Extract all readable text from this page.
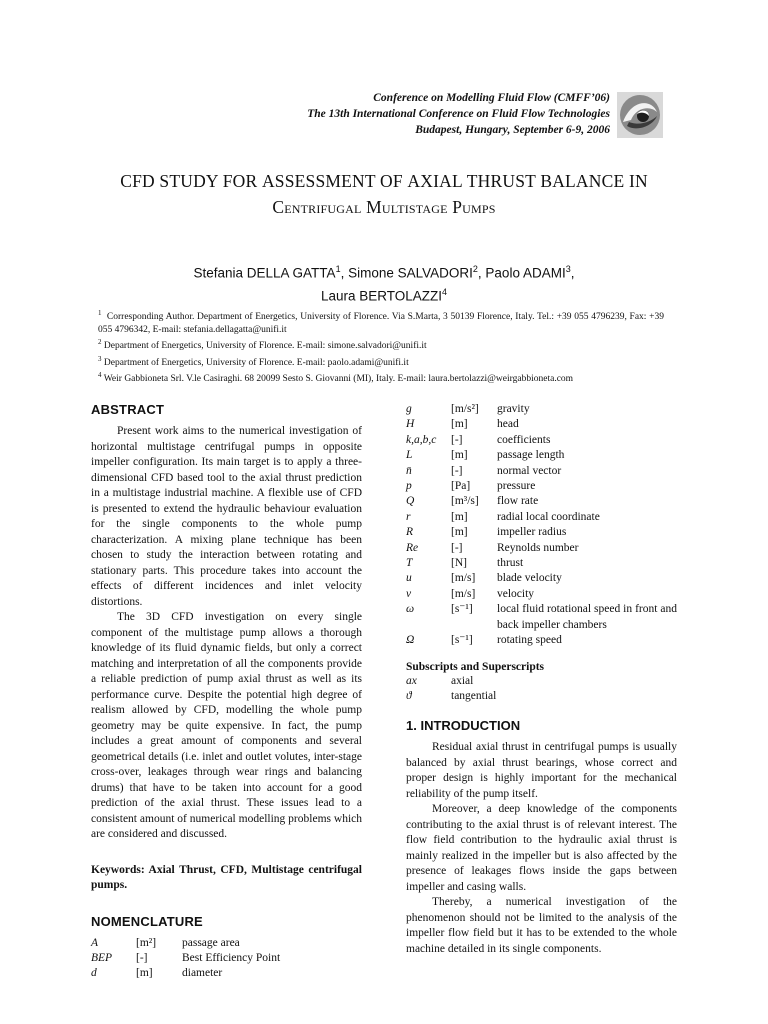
Conference on Modelling Fluid Flow (CMFF’06)
The 13th International Conference on Fluid Flow Technologies
Budapest, Hungary, September 6-9, 2006
CFD STUDY FOR ASSESSMENT OF AXIAL THRUST BALANCE IN
Centrifugal Multistage Pumps
Stefania DELLA GATTA$^1$, Simone SALVADORI$^2$, Paolo ADAMI$^3$,
Laura BERTOLAZZI$^4$

$^1$ Corresponding Author. Department of Energetics, University of Florence. Via S.Marta, 3 50139 Florence, Italy. Tel.: +39 055 4796239, Fax: +39 055 4796342, E-mail: stefania.dellagatta@unifi.it

$^2$ Department of Energetics, University of Florence. E-mail: simone.salvadori@unifi.it

$^3$ Department of Energetics, University of Florence. E-mail: paolo.adami@unifi.it

$^4$ Weir Gabbioneta Srl. V.le Casiraghi. 68 20099 Sesto S. Giovanni (MI), Italy. E-mail: laura.bertolazzi@weirgabbioneta.com

ABSTRACT

Present work aims to the numerical investigation of horizontal multistage centrifugal pumps in opposite impeller configuration. Its main target is to apply a three-dimensional CFD based tool to the axial thrust prediction in a multistage industrial machine. A flexible use of CFD is presented to extend the hydraulic behaviour evaluation for the single components to the whole pump characterization. A mixing plane technique has been chosen to study the interaction between rotating and stationary parts. This procedure takes into account the effects of different incidences and inlet velocity distortions.

The 3D CFD investigation on every single component of the multistage pump allows a thorough knowledge of its fluid dynamic fields, but only a correct matching and interpretation of all the components provide a reliable prediction of pump axial thrust as well as its performance curve. Despite the potential high degree of realism allowed by CFD, modelling the whole pump geometry may be quite expensive. In fact, the pump includes a great amount of components and several geometrical details (i.e. inlet and outlet volutes, inter-stage cross-over, leakages through wear rings and balancing drums) that have to be taken into account for a good prediction of the axial thrust. These issues lead to a consistent amount of numerical modelling problems which are considered and discussed.

Keywords: Axial Thrust, CFD, Multistage centrifugal pumps.

NOMENCLATURE
A	[m²]	passage area
BEP	[-]	Best Efficiency Point
d	[m]	diameter
g	[m/s²]	gravity
H	[m]	head
k,a,b,c	[-]	coefficients
L	[m]	passage length
n̄	[-]	normal vector
p	[Pa]	pressure
Q	[m³/s]	flow rate
r	[m]	radial local coordinate
R	[m]	impeller radius
Re	[-]	Reynolds number
T	[N]	thrust
u	[m/s]	blade velocity
v	[m/s]	velocity
ω	[s⁻¹]	local fluid rotational speed in front and back impeller chambers
Ω	[s⁻¹]	rotating speed
Subscripts and Superscripts
ax	axial
ϑ	tangential
1. INTRODUCTION

Residual axial thrust in centrifugal pumps is usually balanced by axial thrust bearings, whose correct and proper design is highly important for the mechanical reliability of the pump itself.

Moreover, a deep knowledge of the components contributing to the axial thrust is of relevant interest. The flow field contribution to the hydraulic axial thrust is mainly realized in the impeller but is also affected by the presence of leakages flows inside the gaps between impeller and casing walls.

Thereby, a numerical investigation of the phenomenon should not be limited to the analysis of the impeller flow field but it has to be extended to the whole machine detailed in its single components.
